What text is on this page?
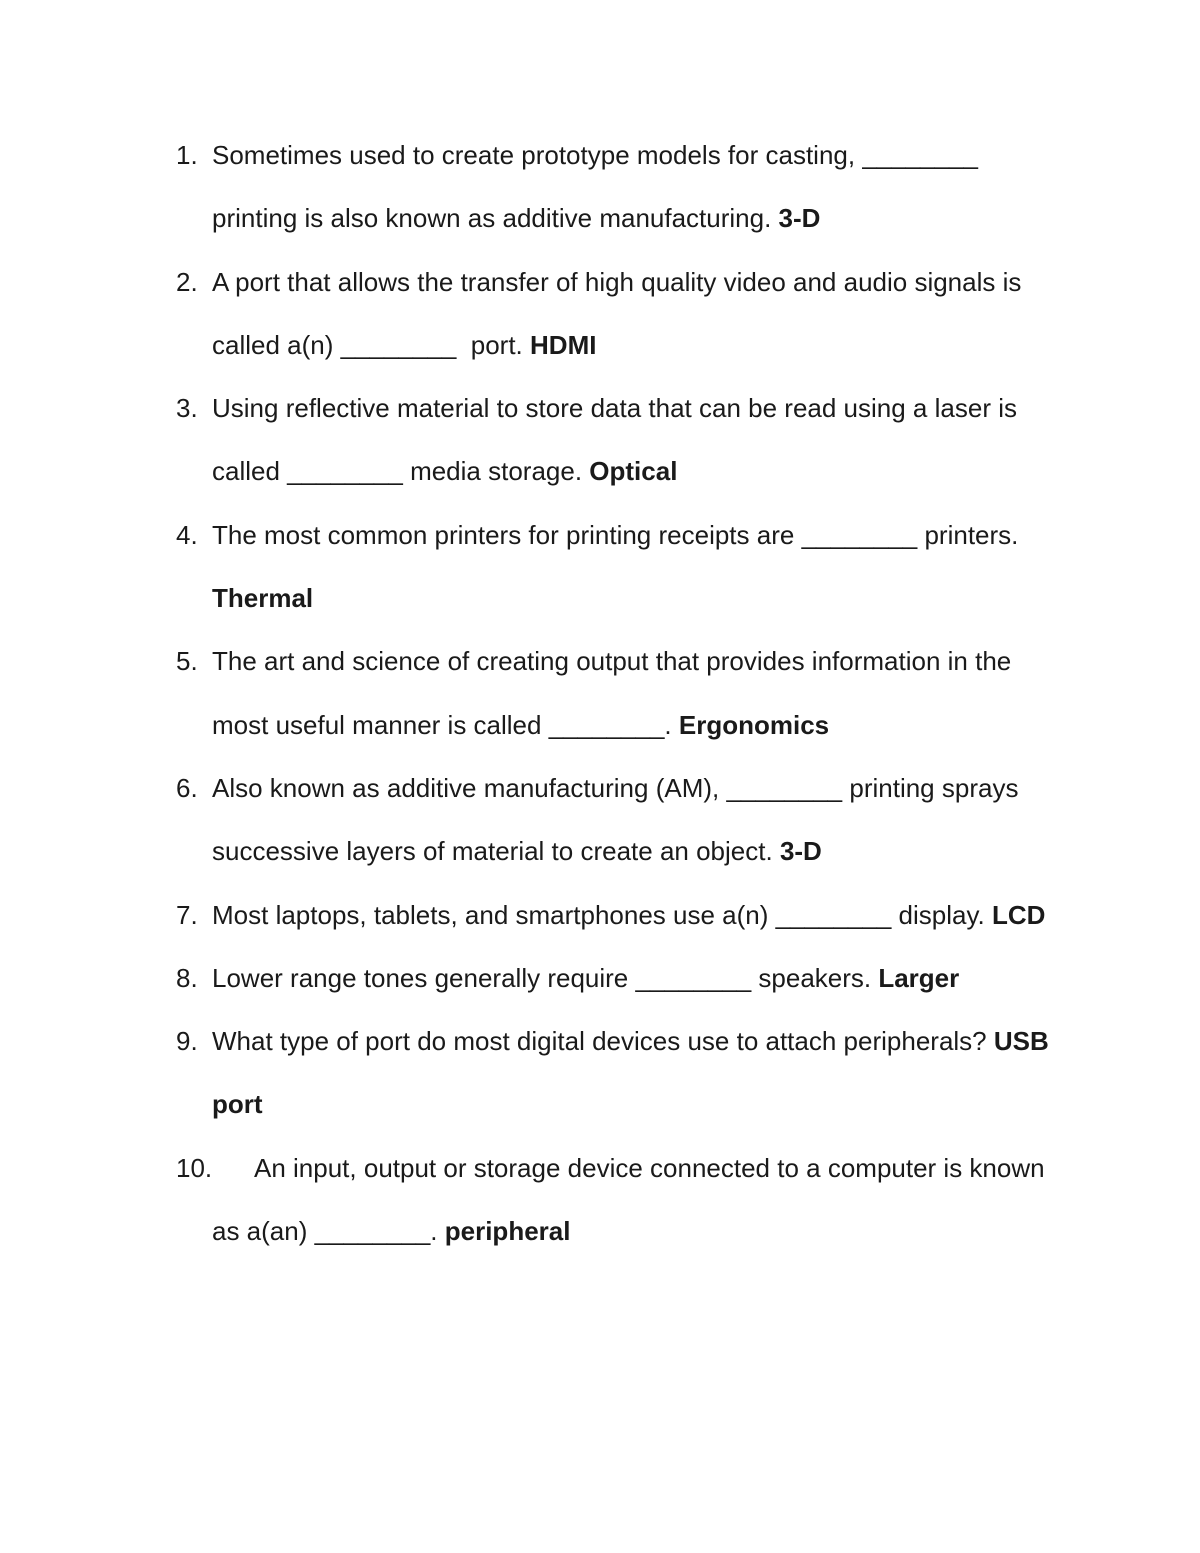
1. Sometimes used to create prototype models for casting, ________ printing is also known as additive manufacturing. 3-D
2. A port that allows the transfer of high quality video and audio signals is called a(n) ________  port. HDMI
3. Using reflective material to store data that can be read using a laser is called ________ media storage. Optical
4. The most common printers for printing receipts are ________ printers. Thermal
5. The art and science of creating output that provides information in the most useful manner is called ________. Ergonomics
6. Also known as additive manufacturing (AM), ________ printing sprays successive layers of material to create an object. 3-D
7. Most laptops, tablets, and smartphones use a(n) ________ display. LCD
8. Lower range tones generally require ________ speakers. Larger
9. What type of port do most digital devices use to attach peripherals? USB port
10. An input, output or storage device connected to a computer is known as a(an) ________. peripheral
